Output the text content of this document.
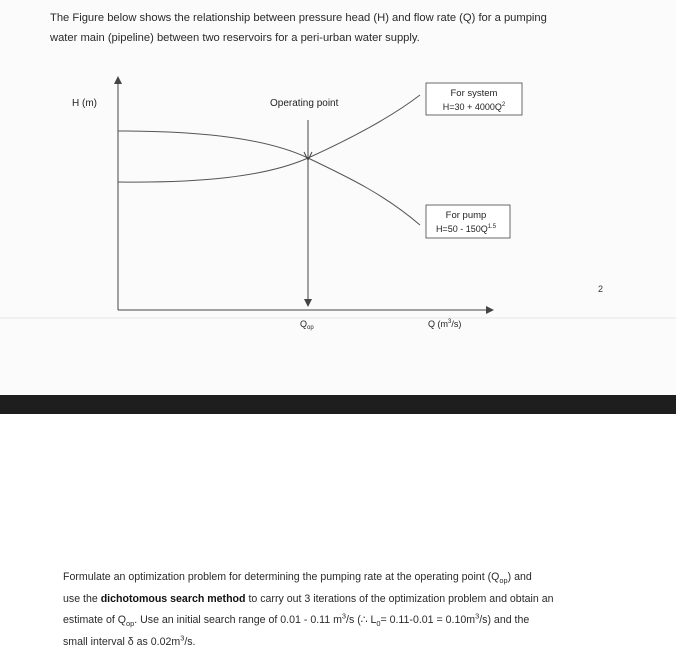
The Figure below shows the relationship between pressure head (H) and flow rate (Q) for a pumping
water main (pipeline) between two reservoirs for a peri-urban water supply.
H (m)	Operating point
$Q_{op}$	Q $(m^3/s)$
For system
$H=30 + 4000Q^2$
For pump
$H=50 - 150Q^{1.5}$
2
Formulate an optimization problem for determining the pumping rate at the operating point $(Q_{op})$ and
use the dichotomous search method to carry out 3 iterations of the optimization problem and obtain an
estimate of $Q_{op}$. Use an initial search range of 0.01 - 0.11 $m^3/s$ (∴ $L_0= 0.11-0.01 = 0.10m^3/s$) and the
small interval δ as $0.02m^3/s$.
